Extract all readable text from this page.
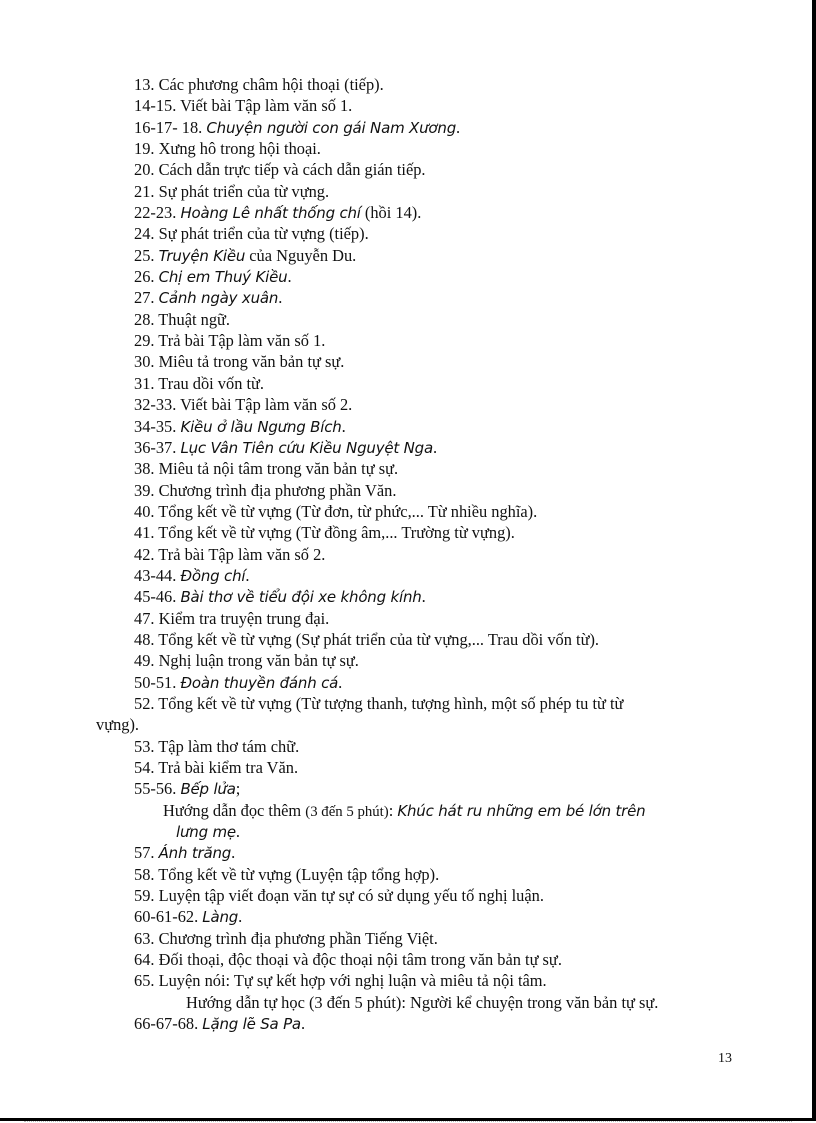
13. Các phương châm hội thoại (tiếp).
14-15. Viết bài Tập làm văn số 1.
16-17- 18. Chuyện người con gái Nam Xương.
19. Xưng hô trong hội thoại.
20. Cách dẫn trực tiếp và cách dẫn gián tiếp.
21. Sự phát triển của từ vựng.
22-23. Hoàng Lê nhất thống chí (hồi 14).
24. Sự phát triển của từ vựng (tiếp).
25. Truyện Kiều của Nguyễn Du.
26. Chị em Thuý Kiều.
27. Cảnh ngày xuân.
28. Thuật ngữ.
29. Trả bài Tập làm văn số 1.
30. Miêu tả trong văn bản tự sự.
31. Trau dồi vốn từ.
32-33. Viết bài Tập làm văn số 2.
34-35. Kiều ở lầu Ngưng Bích.
36-37. Lục Vân Tiên cứu Kiều Nguyệt Nga.
38. Miêu tả nội tâm trong văn bản tự sự.
39. Chương trình địa phương phần Văn.
40. Tổng kết về từ vựng (Từ đơn, từ phức,... Từ nhiều nghĩa).
41. Tổng kết về từ vựng (Từ đồng âm,... Trường từ vựng).
42. Trả bài Tập làm văn số 2.
43-44. Đồng chí.
45-46. Bài thơ về tiểu đội xe không kính.
47. Kiểm tra truyện trung đại.
48. Tổng kết về từ vựng (Sự phát triển của từ vựng,... Trau dồi vốn từ).
49. Nghị luận trong văn bản tự sự.
50-51. Đoàn thuyền đánh cá.
52. Tổng kết về từ vựng (Từ tượng thanh, tượng hình, một số phép tu từ từ
vựng).
53. Tập làm thơ tám chữ.
54. Trả bài kiểm tra Văn.
55-56. Bếp lửa;
Hướng dẫn đọc thêm (3 đến 5 phút): Khúc hát ru những em bé lớn trên
lưng mẹ.
57. Ánh trăng.
58. Tổng kết về từ vựng (Luyện tập tổng hợp).
59. Luyện tập viết đoạn văn tự sự có sử dụng yếu tố nghị luận.
60-61-62. Làng.
63. Chương trình địa phương phần Tiếng Việt.
64. Đối thoại, độc thoại và độc thoại nội tâm trong văn bản tự sự.
65. Luyện nói: Tự sự kết hợp với nghị luận và miêu tả nội tâm.
Hướng dẫn tự học (3 đến 5 phút): Người kể chuyện trong văn bản tự sự.
66-67-68. Lặng lẽ Sa Pa.
13
